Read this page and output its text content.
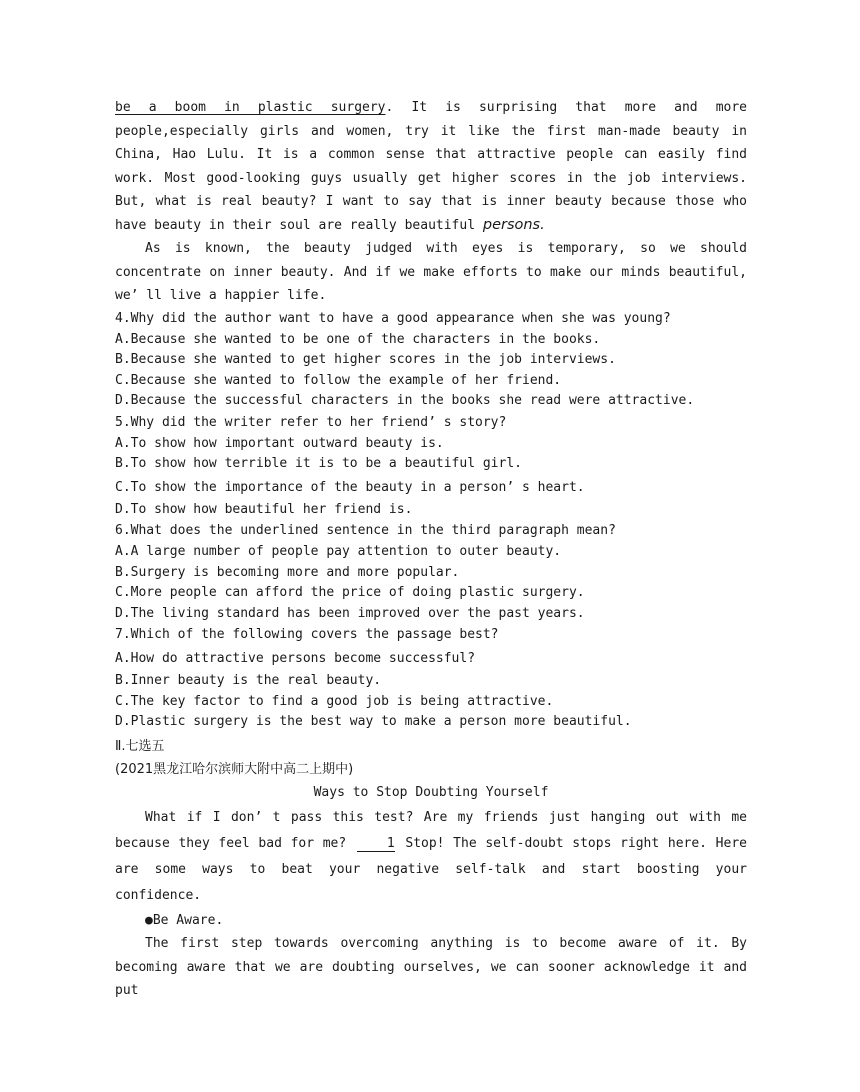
be a boom in plastic surgery. It is surprising that more and more people,especially girls and women, try it like the first man-made beauty in China, Hao Lulu. It is a common sense that attractive people can easily find work. Most good-looking guys usually get higher scores in the job interviews. But, what is real beauty? I want to say that is inner beauty because those who have beauty in their soul are really beautiful persons.

As is known, the beauty judged with eyes is temporary, so we should concentrate on inner beauty. And if we make efforts to make our minds beautiful, we’ ll live a happier life.

4.Why did the author want to have a good appearance when she was young?

A.Because she wanted to be one of the characters in the books.

B.Because she wanted to get higher scores in the job interviews.

C.Because she wanted to follow the example of her friend.

D.Because the successful characters in the books she read were attractive.

5.Why did the writer refer to her friend’ s story?

A.To show how important outward beauty is.

B.To show how terrible it is to be a beautiful girl.

C.To show the importance of the beauty in a person’ s heart.

D.To show how beautiful her friend is.

6.What does the underlined sentence in the third paragraph mean?

A.A large number of people pay attention to outer beauty.

B.Surgery is becoming more and more popular.

C.More people can afford the price of doing plastic surgery.

D.The living standard has been improved over the past years.

7.Which of the following covers the passage best?

A.How do attractive persons become successful?

B.Inner beauty is the real beauty.

C.The key factor to find a good job is being attractive.

D.Plastic surgery is the best way to make a person more beautiful.

Ⅱ.七选五

(2021黑龙江哈尔滨师大附中高二上期中)

Ways to Stop Doubting Yourself

What if I don’ t pass this test? Are my friends just hanging out with me because they feel bad for me? 1 Stop! The self-doubt stops right here. Here are some ways to beat your negative self-talk and start boosting your confidence.

●Be Aware.

The first step towards overcoming anything is to become aware of it. By becoming aware that we are doubting ourselves, we can sooner acknowledge it and put
